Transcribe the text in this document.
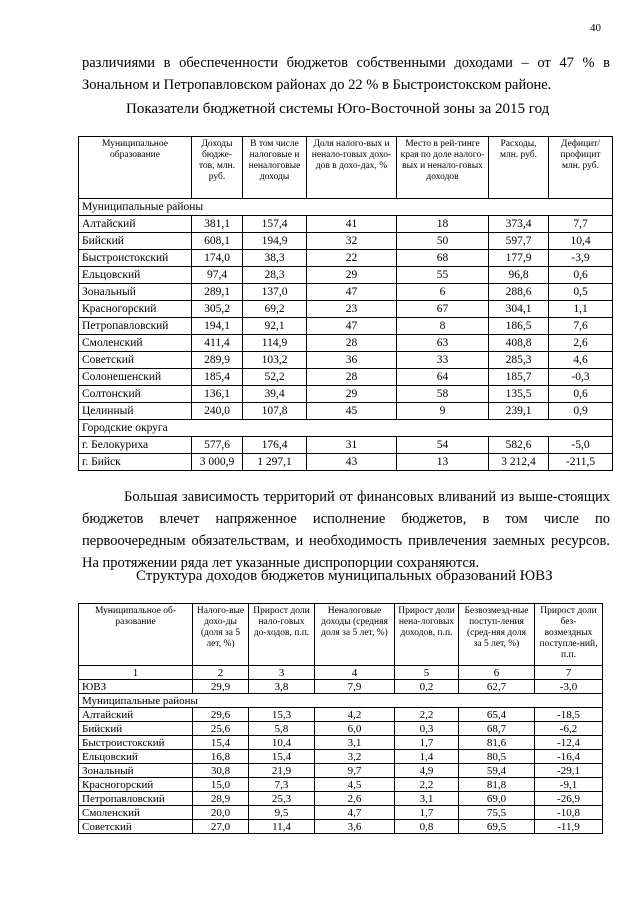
40
различиями в обеспеченности бюджетов собственными доходами – от 47 % в Зональном и Петропавловском районах до 22 % в Быстроистокском районе.
Показатели бюджетной системы Юго-Восточной зоны за 2015 год
Муниципальное образование	Доходы бюдже-тов, млн. руб.	В том числе налоговые и неналоговые доходы	Доля налого-вых и ненало-говых дохо-дов в дохо-дах, %	Место в рей-тинге края по доле налого-вых и ненало-говых доходов	Расходы, млн. руб.	Дефицит/ профицит млн. руб.
Муниципальные районы						
Алтайский	381,1	157,4	41	18	373,4	7,7
Бийский	608,1	194,9	32	50	597,7	10,4
Быстроистокский	174,0	38,3	22	68	177,9	-3,9
Ельцовский	97,4	28,3	29	55	96,8	0,6
Зональный	289,1	137,0	47	6	288,6	0,5
Красногорский	305,2	69,2	23	67	304,1	1,1
Петропавловский	194,1	92,1	47	8	186,5	7,6
Смоленский	411,4	114,9	28	63	408,8	2,6
Советский	289,9	103,2	36	33	285,3	4,6
Солонешенский	185,4	52,2	28	64	185,7	-0,3
Солтонский	136,1	39,4	29	58	135,5	0,6
Целинный	240,0	107,8	45	9	239,1	0,9
Городские округа						
г. Белокуриха	577,6	176,4	31	54	582,6	-5,0
г. Бийск	3 000,9	1 297,1	43	13	3 212,4	-211,5
Большая зависимость территорий от финансовых вливаний из выше-стоящих бюджетов влечет напряженное исполнение бюджетов, в том числе по первоочередным обязательствам, и необходимость привлечения заемных ресурсов. На протяжении ряда лет указанные диспропорции сохраняются.
Структура доходов бюджетов муниципальных образований ЮВЗ
Муниципальное об-разование	Налого-вые дохо-ды (доля за 5 лет, %)	Прирост доли нало-говых до-ходов, п.п.	Неналоговые доходы (средняя доля за 5 лет, %)	Прирост доли нена-логовых доходов, п.п.	Безвозмезд-ные поступ-ления (сред-няя доля за 5 лет, %)	Прирост доли без-возмездных поступле-ний, п.п.
1	2	3	4	5	6	7
ЮВЗ	29,9	3,8	7,9	0,2	62,7	-3,0
Муниципальные районы						
Алтайский	29,6	15,3	4,2	2,2	65,4	-18,5
Бийский	25,6	5,8	6,0	0,3	68,7	-6,2
Быстроистокский	15,4	10,4	3,1	1,7	81,6	-12,4
Ельцовский	16,8	15,4	3,2	1,4	80,5	-16,4
Зональный	30,8	21,9	9,7	4,9	59,4	-29,1
Красногорский	15,0	7,3	4,5	2,2	81,8	-9,1
Петропавловский	28,9	25,3	2,6	3,1	69,0	-26,9
Смоленский	20,0	9,5	4,7	1,7	75,5	-10,8
Советский	27,0	11,4	3,6	0,8	69,5	-11,9
